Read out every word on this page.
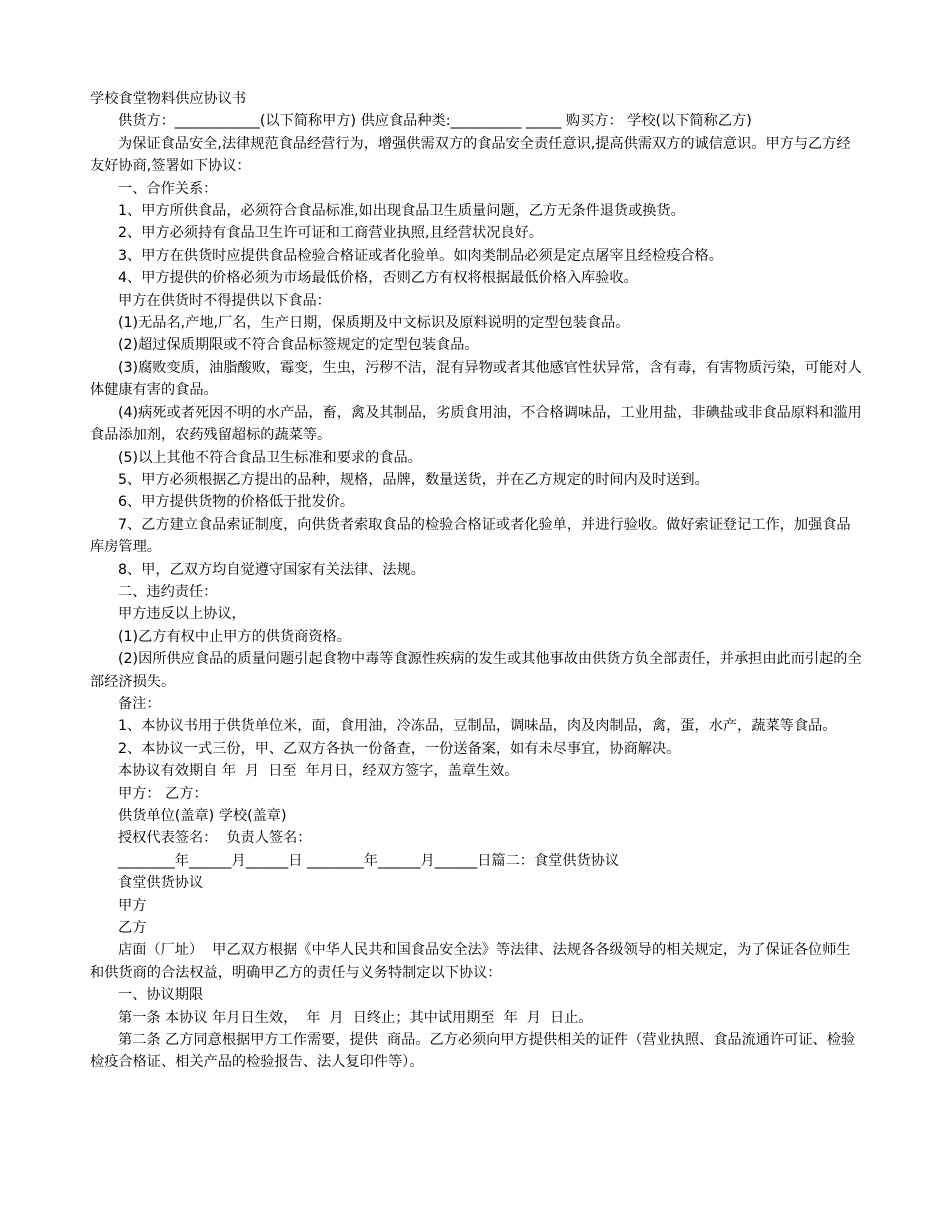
学校食堂物料供应协议书

供货方：____________(以下简称甲方) 供应食品种类:__________ _____ 购买方： 学校(以下简称乙方)

为保证食品安全,法律规范食品经营行为，增强供需双方的食品安全责任意识,提高供需双方的诚信意识。甲方与乙方经友好协商,签署如下协议：

一、合作关系：

1、甲方所供食品，必须符合食品标准,如出现食品卫生质量问题，乙方无条件退货或换货。

2、甲方必须持有食品卫生许可证和工商营业执照,且经营状况良好。

3、甲方在供货时应提供食品检验合格证或者化验单。如肉类制品必须是定点屠宰且经检疫合格。

4、甲方提供的价格必须为市场最低价格，否则乙方有权将根据最低价格入库验收。

甲方在供货时不得提供以下食品：

(1)无品名,产地,厂名，生产日期，保质期及中文标识及原料说明的定型包装食品。

(2)超过保质期限或不符合食品标签规定的定型包装食品。

(3)腐败变质，油脂酸败，霉变，生虫，污秽不洁，混有异物或者其他感官性状异常，含有毒，有害物质污染，可能对人体健康有害的食品。

(4)病死或者死因不明的水产品，畜，禽及其制品，劣质食用油，不合格调味品，工业用盐，非碘盐或非食品原料和滥用食品添加剂，农药残留超标的蔬菜等。

(5)以上其他不符合食品卫生标准和要求的食品。

5、甲方必须根据乙方提出的品种，规格，品牌，数量送货，并在乙方规定的时间内及时送到。

6、甲方提供货物的价格低于批发价。

7、乙方建立食品索证制度，向供货者索取食品的检验合格证或者化验单，并进行验收。做好索证登记工作，加强食品库房管理。

8、甲，乙双方均自觉遵守国家有关法律、法规。

二、违约责任：

甲方违反以上协议，

(1)乙方有权中止甲方的供货商资格。

(2)因所供应食品的质量问题引起食物中毒等食源性疾病的发生或其他事故由供货方负全部责任，并承担由此而引起的全部经济损失。

备注：

1、本协议书用于供货单位米，面，食用油，冷冻品，豆制品，调味品，肉及肉制品，禽，蛋，水产，蔬菜等食品。

2、本协议一式三份，甲、乙双方各执一份备查，一份送备案，如有未尽事宜，协商解决。

本协议有效期自 年  月  日至  年月日，经双方签字，盖章生效。

甲方： 乙方：

供货单位(盖章) 学校(盖章)

授权代表签名：  负责人签名：

________年______月______日 ________年______月______日篇二：食堂供货协议

食堂供货协议

甲方

乙方

店面（厂址）  甲乙双方根据《中华人民共和国食品安全法》等法律、法规各各级领导的相关规定，为了保证各位师生和供货商的合法权益，明确甲乙方的责任与义务特制定以下协议：

一、协议期限

第一条 本协议 年月日生效，  年  月  日终止；其中试用期至  年  月  日止。

第二条 乙方同意根据甲方工作需要，提供  商品。乙方必须向甲方提供相关的证件（营业执照、食品流通许可证、检验检疫合格证、相关产品的检验报告、法人复印件等）。
